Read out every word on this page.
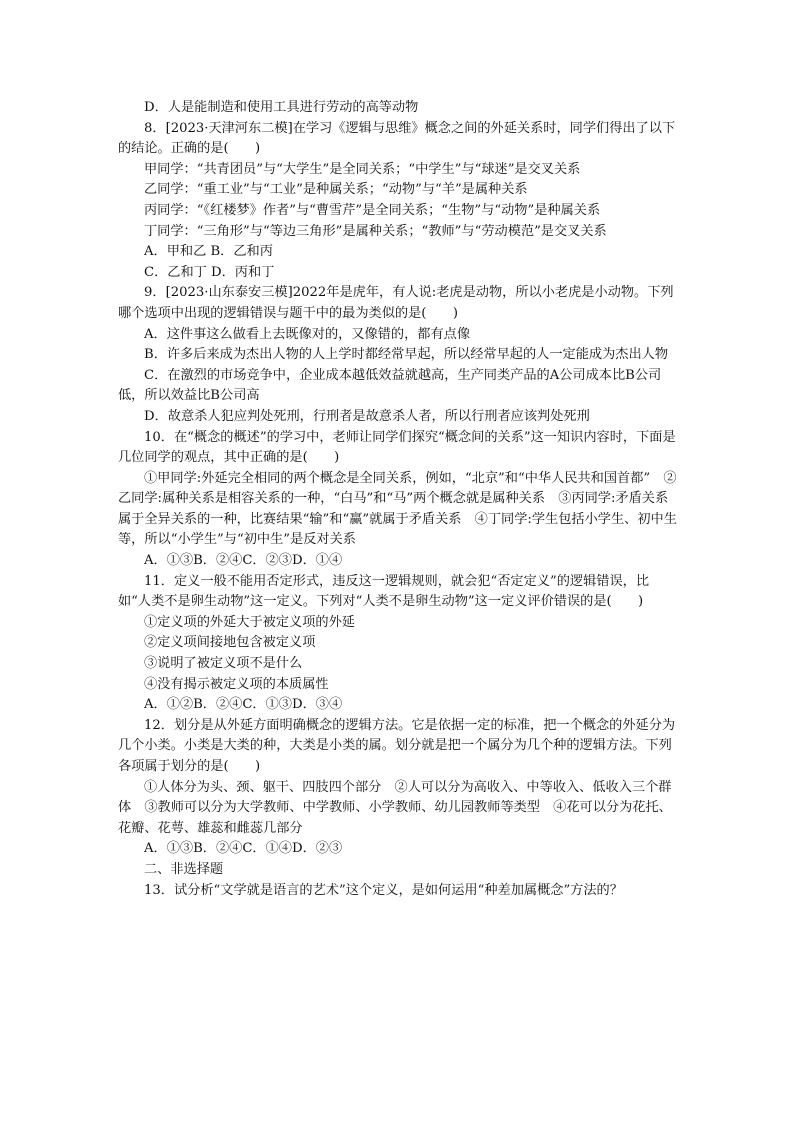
D．人是能制造和使用工具进行劳动的高等动物

8．[2023·天津河东二模]在学习《逻辑与思维》概念之间的外延关系时，同学们得出了以下的结论。正确的是(　　)

甲同学：“共青团员”与“大学生”是全同关系；“中学生”与“球迷”是交叉关系

乙同学：“重工业”与“工业”是种属关系；“动物”与“羊”是属种关系

丙同学：“《红楼梦》作者”与“曹雪芹”是全同关系；“生物”与“动物”是种属关系

丁同学：“三角形”与“等边三角形”是属种关系；“教师”与“劳动模范”是交叉关系

A．甲和乙 B．乙和丙

C．乙和丁 D．丙和丁

9．[2023·山东泰安三模]2022年是虎年，有人说:老虎是动物，所以小老虎是小动物。下列哪个选项中出现的逻辑错误与题干中的最为类似的是(　　)

A．这件事这么做看上去既像对的，又像错的，都有点像

B．许多后来成为杰出人物的人上学时都经常早起，所以经常早起的人一定能成为杰出人物

C．在激烈的市场竞争中，企业成本越低效益就越高，生产同类产品的A公司成本比B公司低，所以效益比B公司高

D．故意杀人犯应判处死刑，行刑者是故意杀人者，所以行刑者应该判处死刑

10．在“概念的概述”的学习中，老师让同学们探究“概念间的关系”这一知识内容时，下面是几位同学的观点，其中正确的是(　　)

①甲同学:外延完全相同的两个概念是全同关系，例如，“北京”和“中华人民共和国首都”　②乙同学:属种关系是相容关系的一种，“白马”和“马”两个概念就是属种关系　③丙同学:矛盾关系属于全异关系的一种，比赛结果“输”和“赢”就属于矛盾关系　④丁同学:学生包括小学生、初中生等，所以“小学生”与“初中生”是反对关系

A．①③B．②④C．②③D．①④

11．定义一般不能用否定形式，违反这一逻辑规则，就会犯“否定定义”的逻辑错误，比如“人类不是卵生动物”这一定义。下列对“人类不是卵生动物”这一定义评价错误的是(　　)

①定义项的外延大于被定义项的外延

②定义项间接地包含被定义项

③说明了被定义项不是什么

④没有揭示被定义项的本质属性

A．①②B．②④C．①③D．③④

12．划分是从外延方面明确概念的逻辑方法。它是依据一定的标准，把一个概念的外延分为几个小类。小类是大类的种，大类是小类的属。划分就是把一个属分为几个种的逻辑方法。下列各项属于划分的是(　　)

①人体分为头、颈、躯干、四肢四个部分　②人可以分为高收入、中等收入、低收入三个群体　③教师可以分为大学教师、中学教师、小学教师、幼儿园教师等类型　④花可以分为花托、花瓣、花萼、雄蕊和雌蕊几部分

A．①③B．②④C．①④D．②③

二、非选择题

13．试分析“文学就是语言的艺术”这个定义，是如何运用“种差加属概念”方法的？
